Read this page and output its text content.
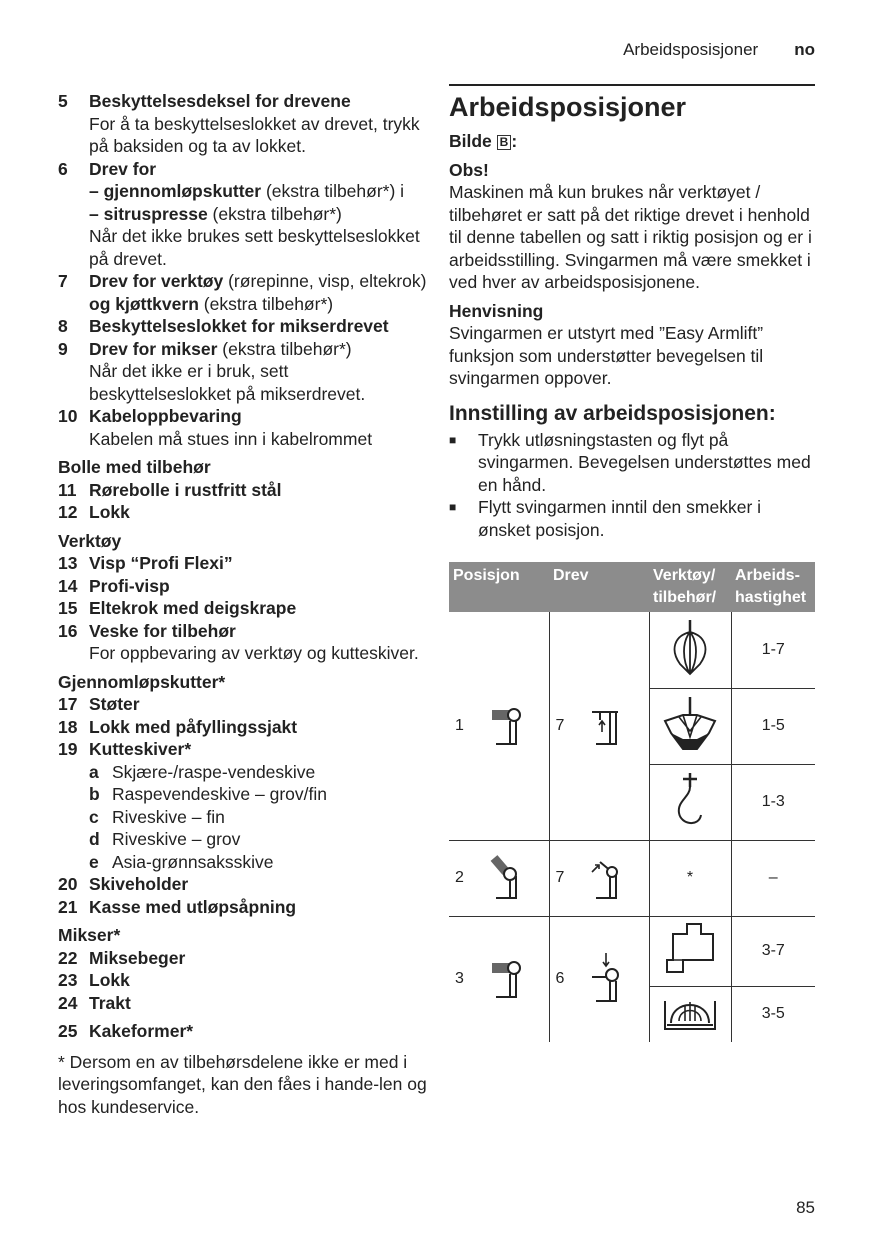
Arbeidsposisjoner no
5	Beskyttelsesdeksel for drevene
For å ta beskyttelseslokket av drevet, trykk på baksiden og ta av lokket.
6	Drev for
– gjennomløpskutter (ekstra tilbehør*) i
– sitruspresse (ekstra tilbehør*)
Når det ikke brukes sett beskyttelseslokket på drevet.
7	Drev for verktøy (rørepinne, visp, eltekrok) og kjøttkvern (ekstra tilbehør*)
8	Beskyttelseslokket for mikserdrevet
9	Drev for mikser (ekstra tilbehør*)
Når det ikke er i bruk, sett beskyttelseslokket på mikserdrevet.
10 Kabeloppbevaring
Kabelen må stues inn i kabelrommet
Bolle med tilbehør
11 Rørebolle i rustfritt stål
12 Lokk
Verktøy
13 Visp “Profi Flexi”
14 Profi-visp
15 Eltekrok med deigskrape
16 Veske for tilbehør
For oppbevaring av verktøy og kutteskiver.
Gjennomløpskutter*
17 Støter
18 Lokk med påfyllingssjakt
19 Kutteskiver*
a Skjære-/raspe-vendeskive
b Raspevendeskive – grov/fin
c Riveskive – fin
d Riveskive – grov
e Asia-grønnsaksskive
20 Skiveholder
21 Kasse med utløpsåpning
Mikser*
22 Miksebeger
23 Lokk
24 Trakt
25 Kakeformer*
* Dersom en av tilbehørsdelene ikke er med i leveringsomfanget, kan den fåes i hande-len og hos kundeservice.
Arbeidsposisjoner
Bilde B :
Obs!
Maskinen må kun brukes når verktøyet / tilbehøret er satt på det riktige drevet i henhold til denne tabellen og satt i riktig posisjon og er i arbeidsstilling. Svingarmen må være smekket i ved hver av arbeidsposisjonene.
Henvisning
Svingarmen er utstyrt med ”Easy Armlift” funksjon som understøtter bevegelsen til svingarmen oppover.
Innstilling av arbeidsposisjonen:
■	Trykk utløsningstasten og flyt på svingarmen. Bevegelsen understøttes med en hånd.
■	Flytt svingarmen inntil den smekker i ønsket posisjon.
Posisjon	Drev	Verktøy/
tilbehør/	Arbeids-
hastighet

1	7		1-7
	1-5
	1-3

2	7	*	–

3	6		3-7
	3-5
85
